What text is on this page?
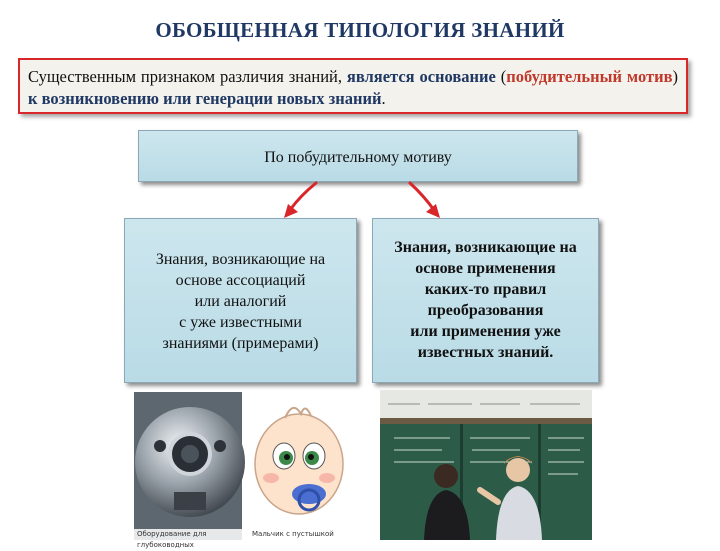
ОБОБЩЕННАЯ ТИПОЛОГИЯ ЗНАНИЙ
Существенным признаком различия знаний, является основание (побудительный мотив) к возникновению или генерации новых знаний.
По побудительному мотиву
Знания, возникающие на
основе ассоциаций
или аналогий
с уже известными
знаниями (примерами)
Знания, возникающие на
основе применения
каких-то правил
преобразования
или применения уже
известных знаний.
Оборудование для глубоководных
Мальчик с пустышкой
